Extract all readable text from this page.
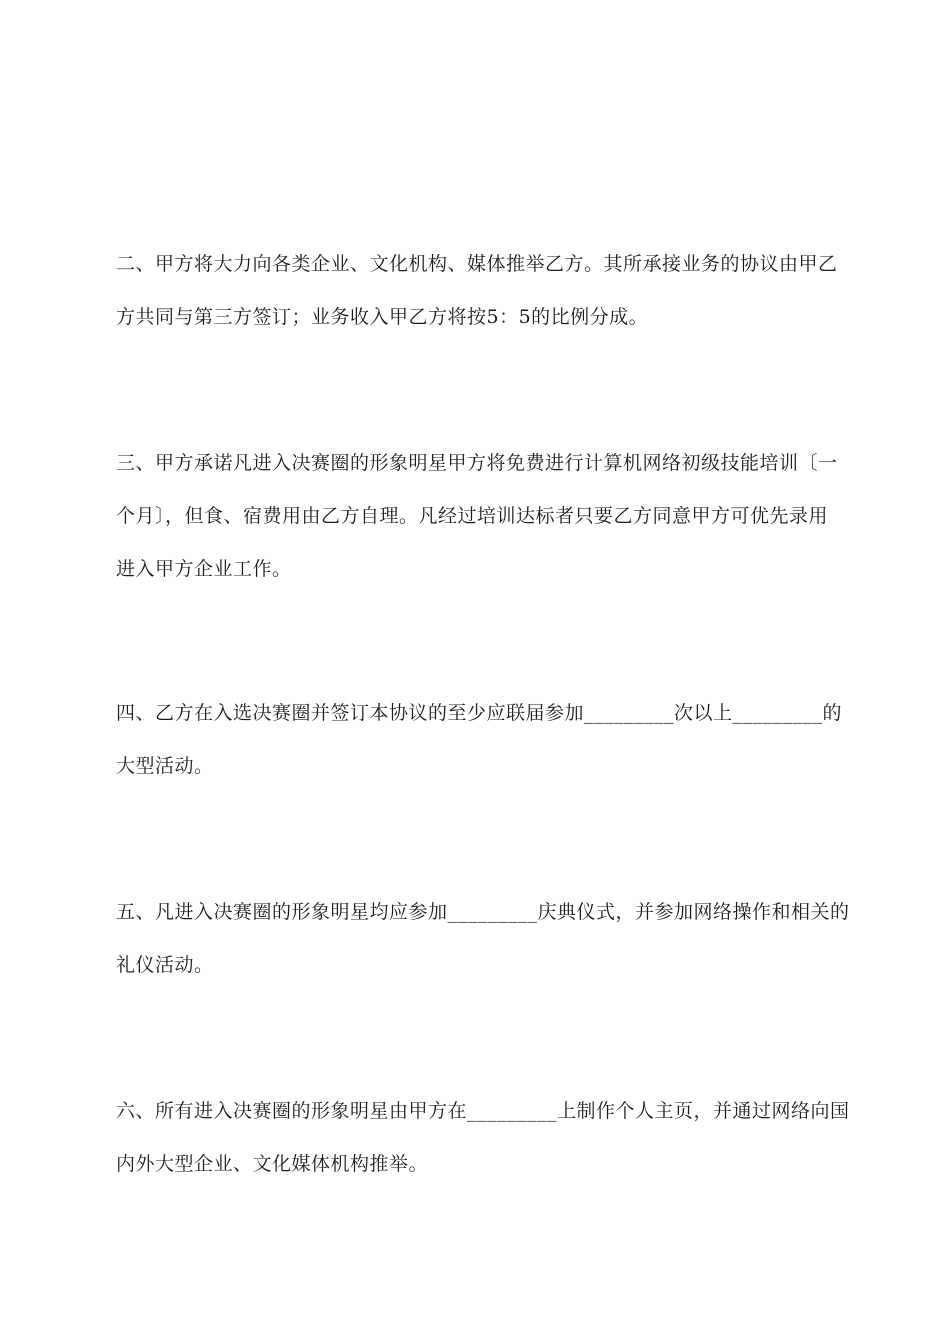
二、甲方将大力向各类企业、文化机构、媒体推举乙方。其所承接业务的协议由甲乙
方共同与第三方签订；业务收入甲乙方将按5：5的比例分成。

三、甲方承诺凡进入决赛圈的形象明星甲方将免费进行计算机网络初级技能培训〔一
个月〕，但食、宿费用由乙方自理。凡经过培训达标者只要乙方同意甲方可优先录用
进入甲方企业工作。

四、乙方在入选决赛圈并签订本协议的至少应联届参加_________次以上_________的
大型活动。

五、凡进入决赛圈的形象明星均应参加_________庆典仪式，并参加网络操作和相关的
礼仪活动。

六、所有进入决赛圈的形象明星由甲方在_________上制作个人主页，并通过网络向国
内外大型企业、文化媒体机构推举。
